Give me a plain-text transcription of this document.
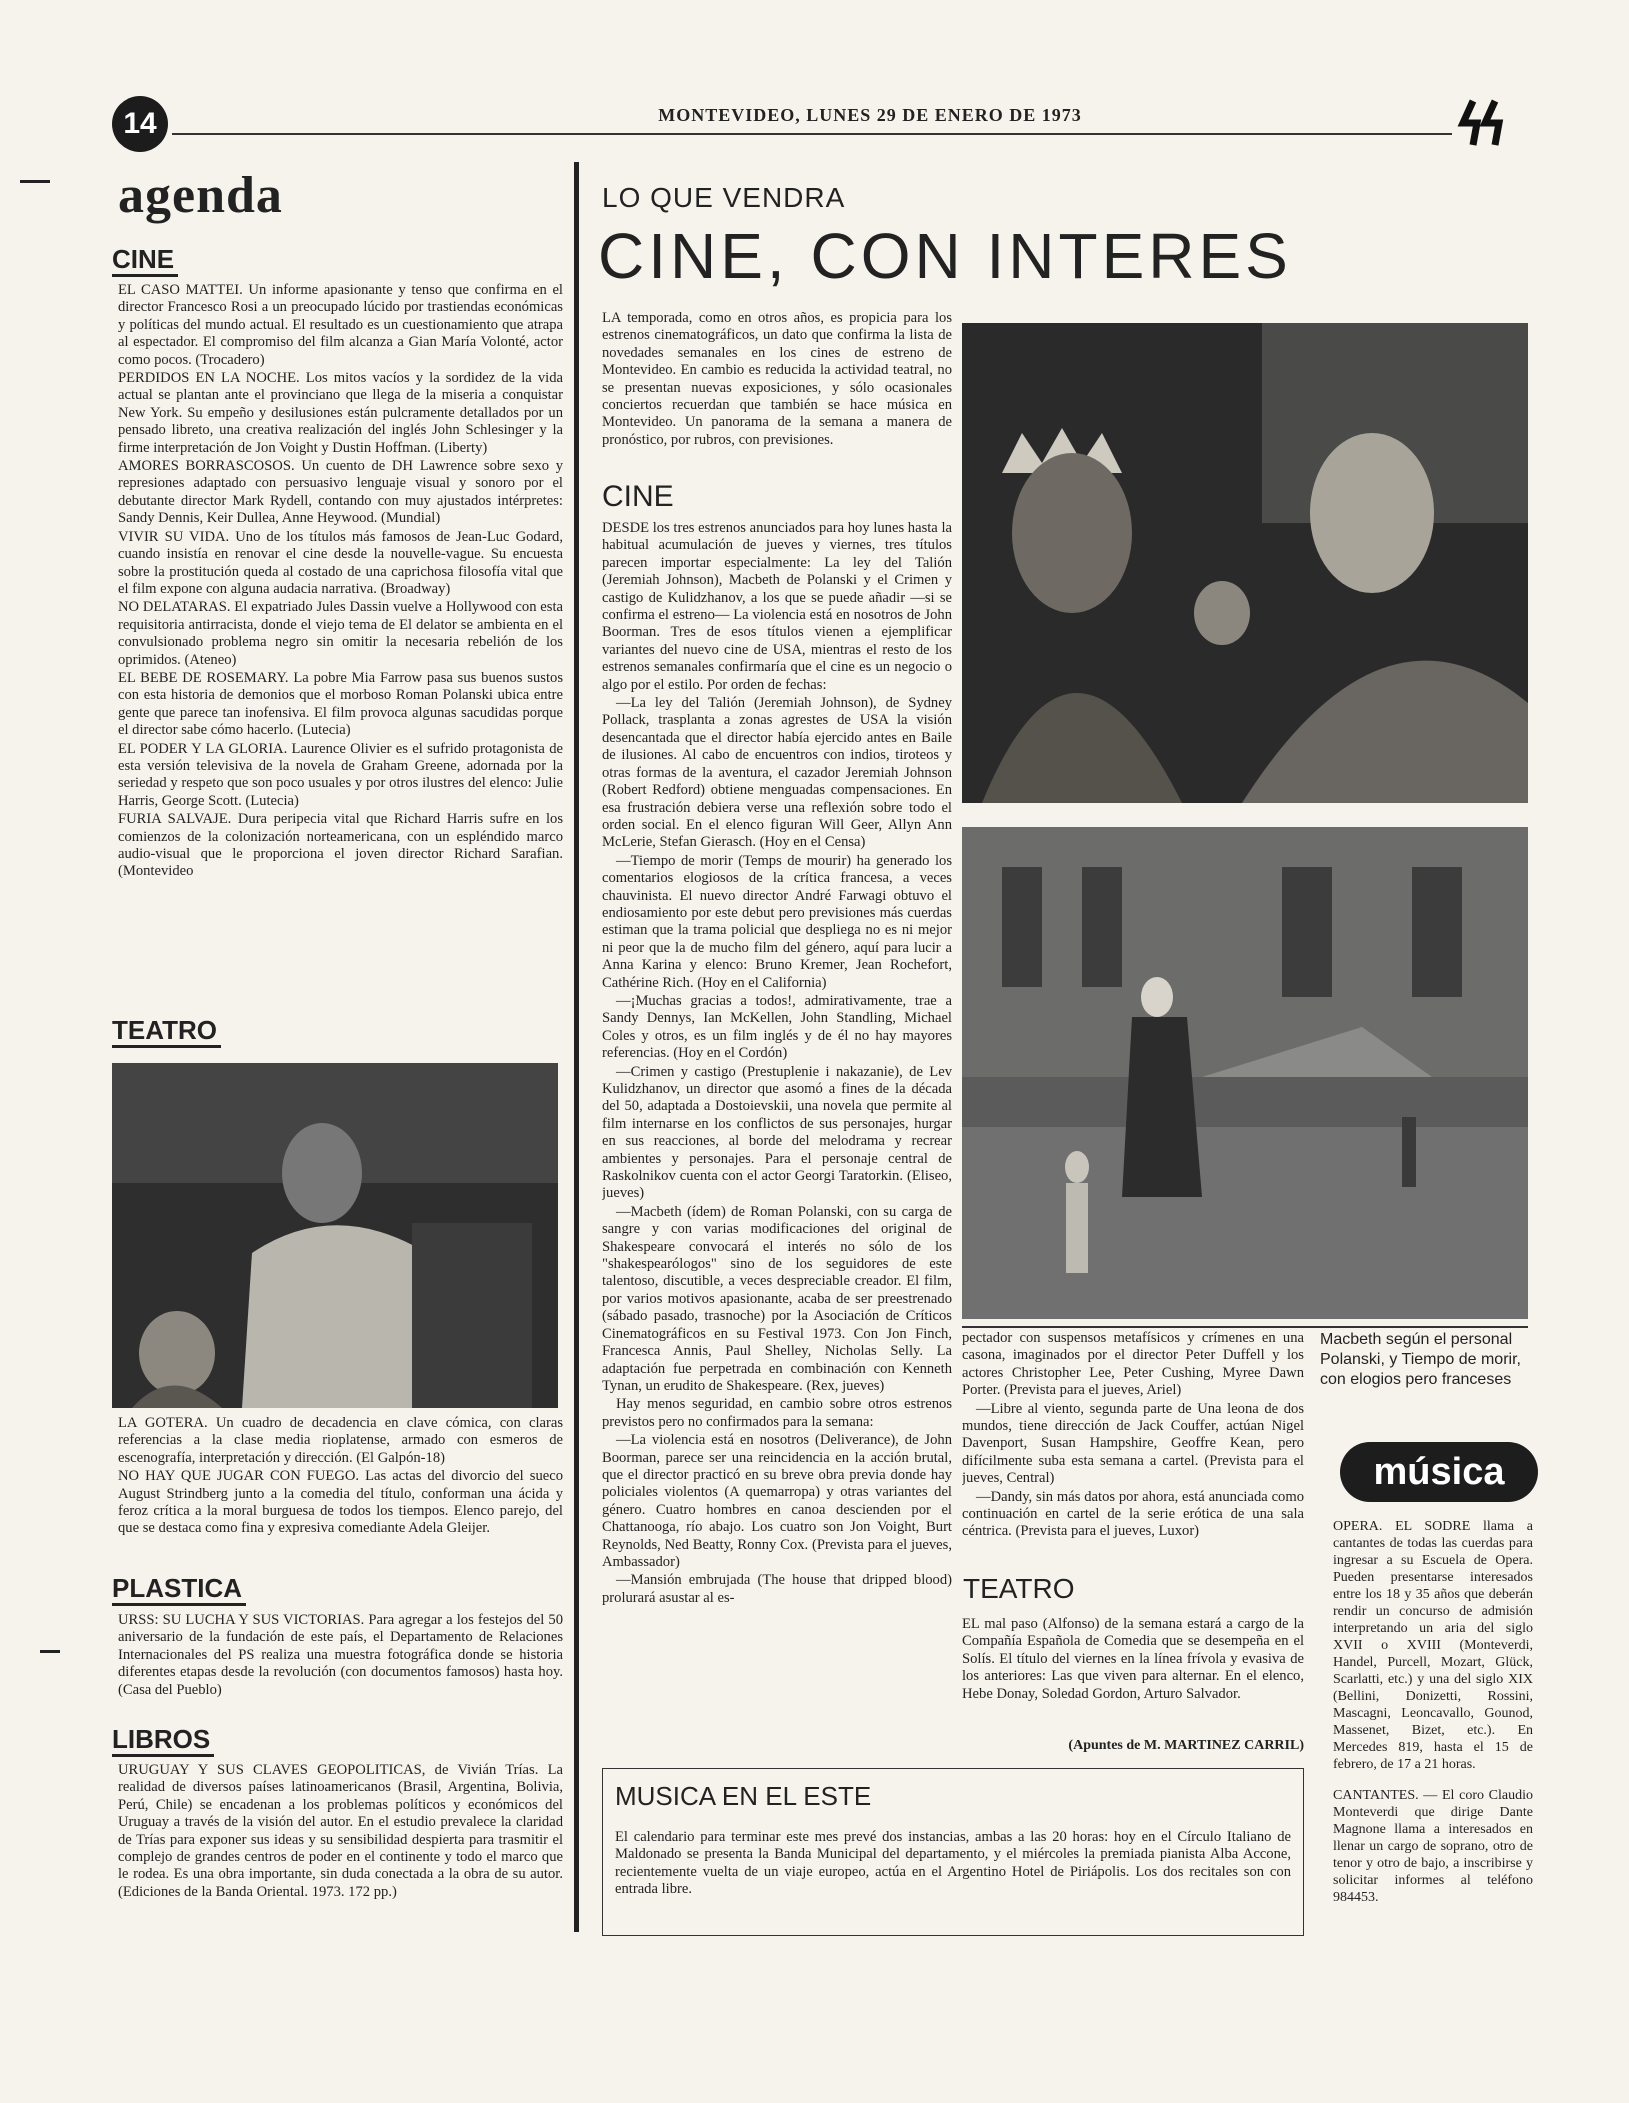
14	MONTEVIDEO, LUNES 29 DE ENERO DE 1973
agenda
CINE

EL CASO MATTEI. Un informe apasionante y tenso que confirma en el director Francesco Rosi a un preocupado lúcido por trastiendas económicas y políticas del mundo actual. El resultado es un cuestionamiento que atrapa al espectador. El compromiso del film alcanza a Gian María Volonté, actor como pocos. (Trocadero)

PERDIDOS EN LA NOCHE. Los mitos vacíos y la sordidez de la vida actual se plantan ante el provinciano que llega de la miseria a conquistar New York. Su empeño y desilusiones están pulcramente detallados por un pensado libreto, una creativa realización del inglés John Schlesinger y la firme interpretación de Jon Voight y Dustin Hoffman. (Liberty)

AMORES BORRASCOSOS. Un cuento de DH Lawrence sobre sexo y represiones adaptado con persuasivo lenguaje visual y sonoro por el debutante director Mark Rydell, contando con muy ajustados intérpretes: Sandy Dennis, Keir Dullea, Anne Heywood. (Mundial)

VIVIR SU VIDA. Uno de los títulos más famosos de Jean-Luc Godard, cuando insistía en renovar el cine desde la nouvelle-vague. Su encuesta sobre la prostitución queda al costado de una caprichosa filosofía vital que el film expone con alguna audacia narrativa. (Broadway)

NO DELATARAS. El expatriado Jules Dassin vuelve a Hollywood con esta requisitoria antirracista, donde el viejo tema de El delator se ambienta en el convulsionado problema negro sin omitir la necesaria rebelión de los oprimidos. (Ateneo)

EL BEBE DE ROSEMARY. La pobre Mia Farrow pasa sus buenos sustos con esta historia de demonios que el morboso Roman Polanski ubica entre gente que parece tan inofensiva. El film provoca algunas sacudidas porque el director sabe cómo hacerlo. (Lutecia)

EL PODER Y LA GLORIA. Laurence Olivier es el sufrido protagonista de esta versión televisiva de la novela de Graham Greene, adornada por la seriedad y respeto que son poco usuales y por otros ilustres del elenco: Julie Harris, George Scott. (Lutecia)

FURIA SALVAJE. Dura peripecia vital que Richard Harris sufre en los comienzos de la colonización norteamericana, con un espléndido marco audio-visual que le proporciona el joven director Richard Sarafian. (Montevideo

TEATRO

LA GOTERA. Un cuadro de decadencia en clave cómica, con claras referencias a la clase media rioplatense, armado con esmeros de escenografía, interpretación y dirección. (El Galpón-18)

NO HAY QUE JUGAR CON FUEGO. Las actas del divorcio del sueco August Strindberg junto a la comedia del título, conforman una ácida y feroz crítica a la moral burguesa de todos los tiempos. Elenco parejo, del que se destaca como fina y expresiva comediante Adela Gleijer.

PLASTICA

URSS: SU LUCHA Y SUS VICTORIAS. Para agregar a los festejos del 50 aniversario de la fundación de este país, el Departamento de Relaciones Internacionales del PS realiza una muestra fotográfica donde se historia diferentes etapas desde la revolución (con documentos famosos) hasta hoy. (Casa del Pueblo)

LIBROS

URUGUAY Y SUS CLAVES GEOPOLITICAS, de Vivián Trías. La realidad de diversos países latinoamericanos (Brasil, Argentina, Bolivia, Perú, Chile) se encadenan a los problemas políticos y económicos del Uruguay a través de la visión del autor. En el estudio prevalece la claridad de Trías para exponer sus ideas y su sensibilidad despierta para trasmitir el complejo de grandes centros de poder en el continente y todo el marco que le rodea. Es una obra importante, sin duda conectada a la obra de su autor. (Ediciones de la Banda Oriental. 1973. 172 pp.)

LO QUE VENDRA
CINE, CON INTERES
LA temporada, como en otros años, es propicia para los estrenos cinematográficos, un dato que confirma la lista de novedades semanales en los cines de estreno de Montevideo. En cambio es reducida la actividad teatral, no se presentan nuevas exposiciones, y sólo ocasionales conciertos recuerdan que también se hace música en Montevideo. Un panorama de la semana a manera de pronóstico, por rubros, con previsiones.
CINE

DESDE los tres estrenos anunciados para hoy lunes hasta la habitual acumulación de jueves y viernes, tres títulos parecen importar especialmente: La ley del Talión (Jeremiah Johnson), Macbeth de Polanski y el Crimen y castigo de Kulidzhanov, a los que se puede añadir —si se confirma el estreno— La violencia está en nosotros de John Boorman. Tres de esos títulos vienen a ejemplificar variantes del nuevo cine de USA, mientras el resto de los estrenos semanales confirmaría que el cine es un negocio o algo por el estilo. Por orden de fechas:

—La ley del Talión (Jeremiah Johnson), de Sydney Pollack, trasplanta a zonas agrestes de USA la visión desencantada que el director había ejercido antes en Baile de ilusiones. Al cabo de encuentros con indios, tiroteos y otras formas de la aventura, el cazador Jeremiah Johnson (Robert Redford) obtiene menguadas compensaciones. En esa frustración debiera verse una reflexión sobre todo el orden social. En el elenco figuran Will Geer, Allyn Ann McLerie, Stefan Gierasch. (Hoy en el Censa)

—Tiempo de morir (Temps de mourir) ha generado los comentarios elogiosos de la crítica francesa, a veces chauvinista. El nuevo director André Farwagi obtuvo el endiosamiento por este debut pero previsiones más cuerdas estiman que la trama policial que despliega no es ni mejor ni peor que la de mucho film del género, aquí para lucir a Anna Karina y elenco: Bruno Kremer, Jean Rochefort, Cathérine Rich. (Hoy en el California)

—¡Muchas gracias a todos!, admirativamente, trae a Sandy Dennys, Ian McKellen, John Standling, Michael Coles y otros, es un film inglés y de él no hay mayores referencias. (Hoy en el Cordón)

—Crimen y castigo (Prestuplenie i nakazanie), de Lev Kulidzhanov, un director que asomó a fines de la década del 50, adaptada a Dostoievskii, una novela que permite al film internarse en los conflictos de sus personajes, hurgar en sus reacciones, al borde del melodrama y recrear ambientes y personajes. Para el personaje central de Raskolnikov cuenta con el actor Georgi Taratorkin. (Eliseo, jueves)

—Macbeth (ídem) de Roman Polanski, con su carga de sangre y con varias modificaciones del original de Shakespeare convocará el interés no sólo de los "shakespearólogos" sino de los seguidores de este talentoso, discutible, a veces despreciable creador. El film, por varios motivos apasionante, acaba de ser preestrenado (sábado pasado, trasnoche) por la Asociación de Críticos Cinematográficos en su Festival 1973. Con Jon Finch, Francesca Annis, Paul Shelley, Nicholas Selly. La adaptación fue perpetrada en combinación con Kenneth Tynan, un erudito de Shakespeare. (Rex, jueves)

Hay menos seguridad, en cambio sobre otros estrenos previstos pero no confirmados para la semana:

—La violencia está en nosotros (Deliverance), de John Boorman, parece ser una reincidencia en la acción brutal, que el director practicó en su breve obra previa donde hay policiales violentos (A quemarropa) y otras variantes del género. Cuatro hombres en canoa descienden por el Chattanooga, río abajo. Los cuatro son Jon Voight, Burt Reynolds, Ned Beatty, Ronny Cox. (Prevista para el jueves, Ambassador)

—Mansión embrujada (The house that dripped blood) prolurará asustar al es-

pectador con suspensos metafísicos y crímenes en una casona, imaginados por el director Peter Duffell y los actores Christopher Lee, Peter Cushing, Myree Dawn Porter. (Prevista para el jueves, Ariel)

—Libre al viento, segunda parte de Una leona de dos mundos, tiene dirección de Jack Couffer, actúan Nigel Davenport, Susan Hampshire, Geoffre Kean, pero difícilmente suba esta semana a cartel. (Prevista para el jueves, Central)

—Dandy, sin más datos por ahora, está anunciada como continuación en cartel de la serie erótica de una sala céntrica. (Prevista para el jueves, Luxor)

TEATRO
EL mal paso (Alfonso) de la semana estará a cargo de la Compañía Española de Comedia que se desempeña en el Solís. El título del viernes en la línea frívola y evasiva de los anteriores: Las que viven para alternar. En el elenco, Hebe Donay, Soledad Gordon, Arturo Salvador.
(Apuntes de M. MARTINEZ CARRIL)
Macbeth según el personal Polanski, y Tiempo de morir, con elogios pero franceses
música

OPERA. EL SODRE llama a cantantes de todas las cuerdas para ingresar a su Escuela de Opera. Pueden presentarse interesados entre los 18 y 35 años que deberán rendir un concurso de admisión interpretando un aria del siglo XVII o XVIII (Monteverdi, Handel, Purcell, Mozart, Glück, Scarlatti, etc.) y una del siglo XIX (Bellini, Donizetti, Rossini, Mascagni, Leoncavallo, Gounod, Massenet, Bizet, etc.). En Mercedes 819, hasta el 15 de febrero, de 17 a 21 horas.

CANTANTES. — El coro Claudio Monteverdi que dirige Dante Magnone llama a interesados en llenar un cargo de soprano, otro de tenor y otro de bajo, a inscribirse y solicitar informes al teléfono 984453.

MUSICA EN EL ESTE
El calendario para terminar este mes prevé dos instancias, ambas a las 20 horas: hoy en el Círculo Italiano de Maldonado se presenta la Banda Municipal del departamento, y el miércoles la premiada pianista Alba Accone, recientemente vuelta de un viaje europeo, actúa en el Argentino Hotel de Piriápolis. Los dos recitales son con entrada libre.
